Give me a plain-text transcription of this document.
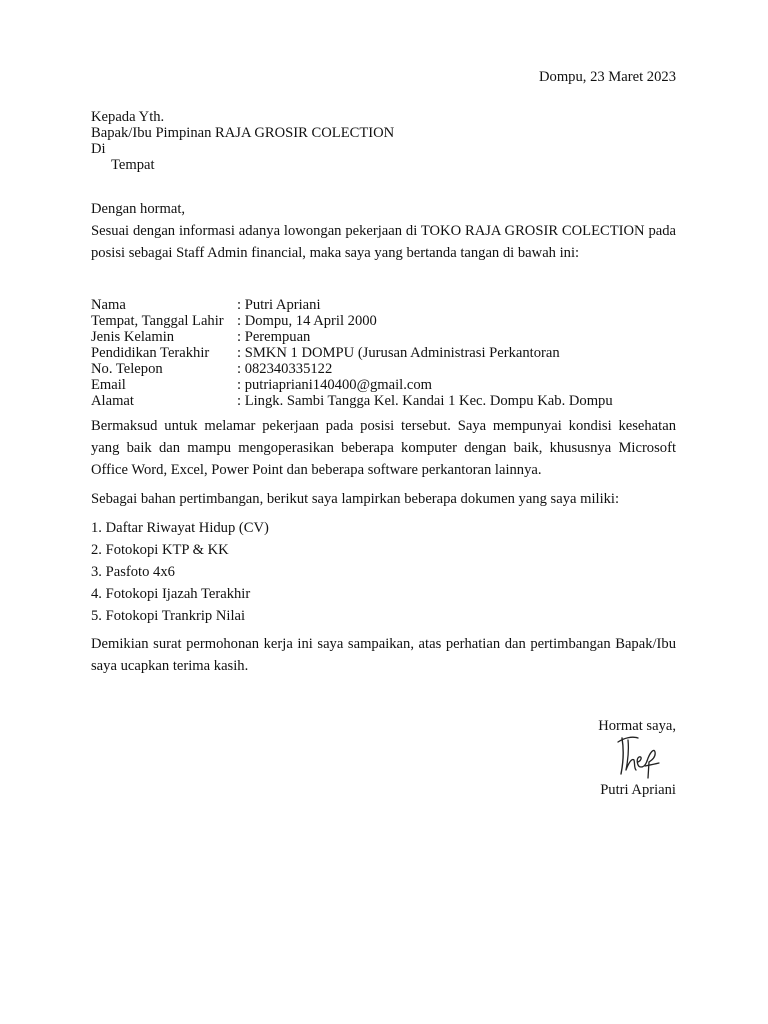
Dompu, 23 Maret 2023
Kepada Yth.
Bapak/Ibu Pimpinan RAJA GROSIR COLECTION
Di
Tempat
Dengan hormat,

Sesuai dengan informasi adanya lowongan pekerjaan di TOKO RAJA GROSIR COLECTION pada posisi sebagai Staff Admin financial, maka saya yang bertanda tangan di bawah ini:

Nama	: Putri Apriani
Tempat, Tanggal Lahir : Dompu, 14 April 2000
Jenis Kelamin	: Perempuan
Pendidikan Terakhir	: SMKN 1 DOMPU (Jurusan Administrasi Perkantoran
No. Telepon	: 082340335122
Email	: putriapriani140400@gmail.com
Alamat	: Lingk. Sambi Tangga Kel. Kandai 1 Kec. Dompu Kab. Dompu

Bermaksud untuk melamar pekerjaan pada posisi tersebut. Saya mempunyai kondisi kesehatan yang baik dan mampu mengoperasikan beberapa komputer dengan baik, khususnya Microsoft Office Word, Excel, Power Point dan beberapa software perkantoran lainnya.

Sebagai bahan pertimbangan, berikut saya lampirkan beberapa dokumen yang saya miliki:

1. Daftar Riwayat Hidup (CV)
2. Fotokopi KTP & KK
3. Pasfoto 4x6
4. Fotokopi Ijazah Terakhir
5. Fotokopi Trankrip Nilai

Demikian surat permohonan kerja ini saya sampaikan, atas perhatian dan pertimbangan Bapak/Ibu saya ucapkan terima kasih.

Hormat saya,
Putri Apriani
